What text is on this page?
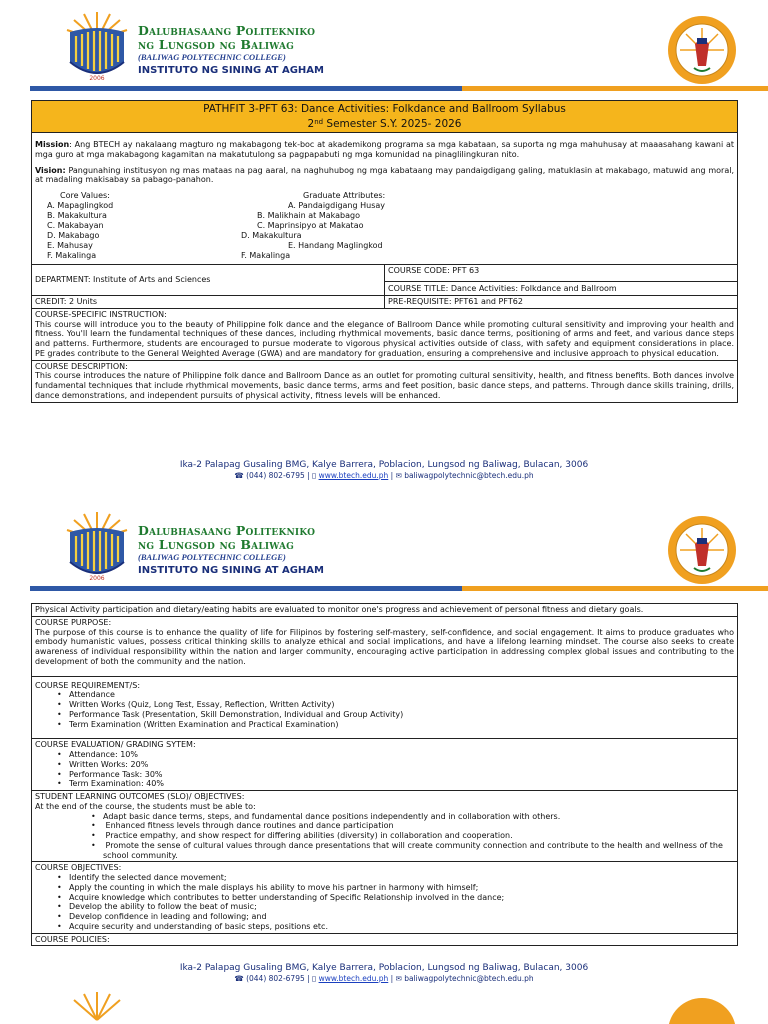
2006
Dalubhasaang Politekniko
ng Lungsod ng Baliwag
(BALIWAG POLYTECHNIC COLLEGE)
INSTITUTO NG SINING AT AGHAM
PATHFIT 3-PFT 63: Dance Activities: Folkdance and Ballroom Syllabus
2nd Semester S.Y. 2025- 2026
Mission: Ang BTECH ay nakalaang magturo ng makabagong tek-boc at akademikong programa sa mga kabataan, sa suporta ng mga mahuhusay at maaasahang kawani at mga guro at mga makabagong kagamitan na makatutulong sa pagpapabuti ng mga komunidad na pinaglilingkuran nito.
Vision: Pangunahing institusyon ng mas mataas na pag aaral, na naghuhubog ng mga kabataang may pandaigdigang galing, matuklasin at makabago, matuwid ang moral, at madaling makisabay sa pabago-panahon.
Core Values:	Graduate Attributes:
A. Mapaglingkod	A. Pandaigdigang Husay
B. Makakultura	B. Malikhain at Makabago
C. Makabayan	C. Maprinsipyo at Makatao
D. Makabago	D. Makakultura
E. Mahusay	E. Handang Maglingkod
F. Makalinga	F. Makalinga
DEPARTMENT: Institute of Arts and Sciences
COURSE CODE: PFT 63
COURSE TITLE: Dance Activities: Folkdance and Ballroom
CREDIT: 2 Units	PRE-REQUISITE: PFT61 and PFT62
COURSE-SPECIFIC INSTRUCTION:
This course will introduce you to the beauty of Philippine folk dance and the elegance of Ballroom Dance while promoting cultural sensitivity and improving your health and fitness. You'll learn the fundamental techniques of these dances, including rhythmical movements, basic dance terms, positioning of arms and feet, and various dance steps and patterns. Furthermore, students are encouraged to pursue moderate to vigorous physical activities outside of class, with safety and equipment considerations in place. PE grades contribute to the General Weighted Average (GWA) and are mandatory for graduation, ensuring a comprehensive and inclusive approach to physical education.
COURSE DESCRIPTION:
This course introduces the nature of Philippine folk dance and Ballroom Dance as an outlet for promoting cultural sensitivity, health, and fitness benefits. Both dances involve fundamental techniques that include rhythmical movements, basic dance terms, arms and feet position, basic dance steps, and patterns. Through dance skills training, drills, dance demonstrations, and independent pursuits of physical activity, fitness levels will be enhanced.
Ika-2 Palapag Gusaling BMG, Kalye Barrera, Poblacion, Lungsod ng Baliwag, Bulacan, 3006
☎ (044) 802-6795 | ▯ www.btech.edu.ph | ✉ baliwagpolytechnic@btech.edu.ph
2006
Dalubhasaang Politekniko
ng Lungsod ng Baliwag
(BALIWAG POLYTECHNIC COLLEGE)
INSTITUTO NG SINING AT AGHAM
Physical Activity participation and dietary/eating habits are evaluated to monitor one's progress and achievement of personal fitness and dietary goals.
COURSE PURPOSE:
The purpose of this course is to enhance the quality of life for Filipinos by fostering self-mastery, self-confidence, and social engagement. It aims to produce graduates who embody humanistic values, possess critical thinking skills to analyze ethical and social implications, and have a lifelong learning mindset. The course also seeks to create awareness of individual responsibility within the nation and larger community, encouraging active participation in addressing complex global issues and contributing to the development of both the community and the nation.
COURSE REQUIREMENT/S:
• Attendance
• Written Works (Quiz, Long Test, Essay, Reflection, Written Activity)
• Performance Task (Presentation, Skill Demonstration, Individual and Group Activity)
• Term Examination (Written Examination and Practical Examination)
COURSE EVALUATION/ GRADING SYTEM:
• Attendance: 10%
• Written Works: 20%
• Performance Task: 30%
• Term Examination: 40%
STUDENT LEARNING OUTCOMES (SLO)/ OBJECTIVES:
At the end of the course, the students must be able to:
• Adapt basic dance terms, steps, and fundamental dance positions independently and in collaboration with others.
• Enhanced fitness levels through dance routines and dance participation
• Practice empathy, and show respect for differing abilities (diversity) in collaboration and cooperation.
• Promote the sense of cultural values through dance presentations that will create community connection and contribute to the health and wellness of the school community.
COURSE OBJECTIVES:
• Identify the selected dance movement;
• Apply the counting in which the male displays his ability to move his partner in harmony with himself;
• Acquire knowledge which contributes to better understanding of Specific Relationship involved in the dance;
• Develop the ability to follow the beat of music;
• Develop confidence in leading and following; and
• Acquire security and understanding of basic steps, positions etc.
COURSE POLICIES:
Ika-2 Palapag Gusaling BMG, Kalye Barrera, Poblacion, Lungsod ng Baliwag, Bulacan, 3006
☎ (044) 802-6795 | ▯ www.btech.edu.ph | ✉ baliwagpolytechnic@btech.edu.ph
